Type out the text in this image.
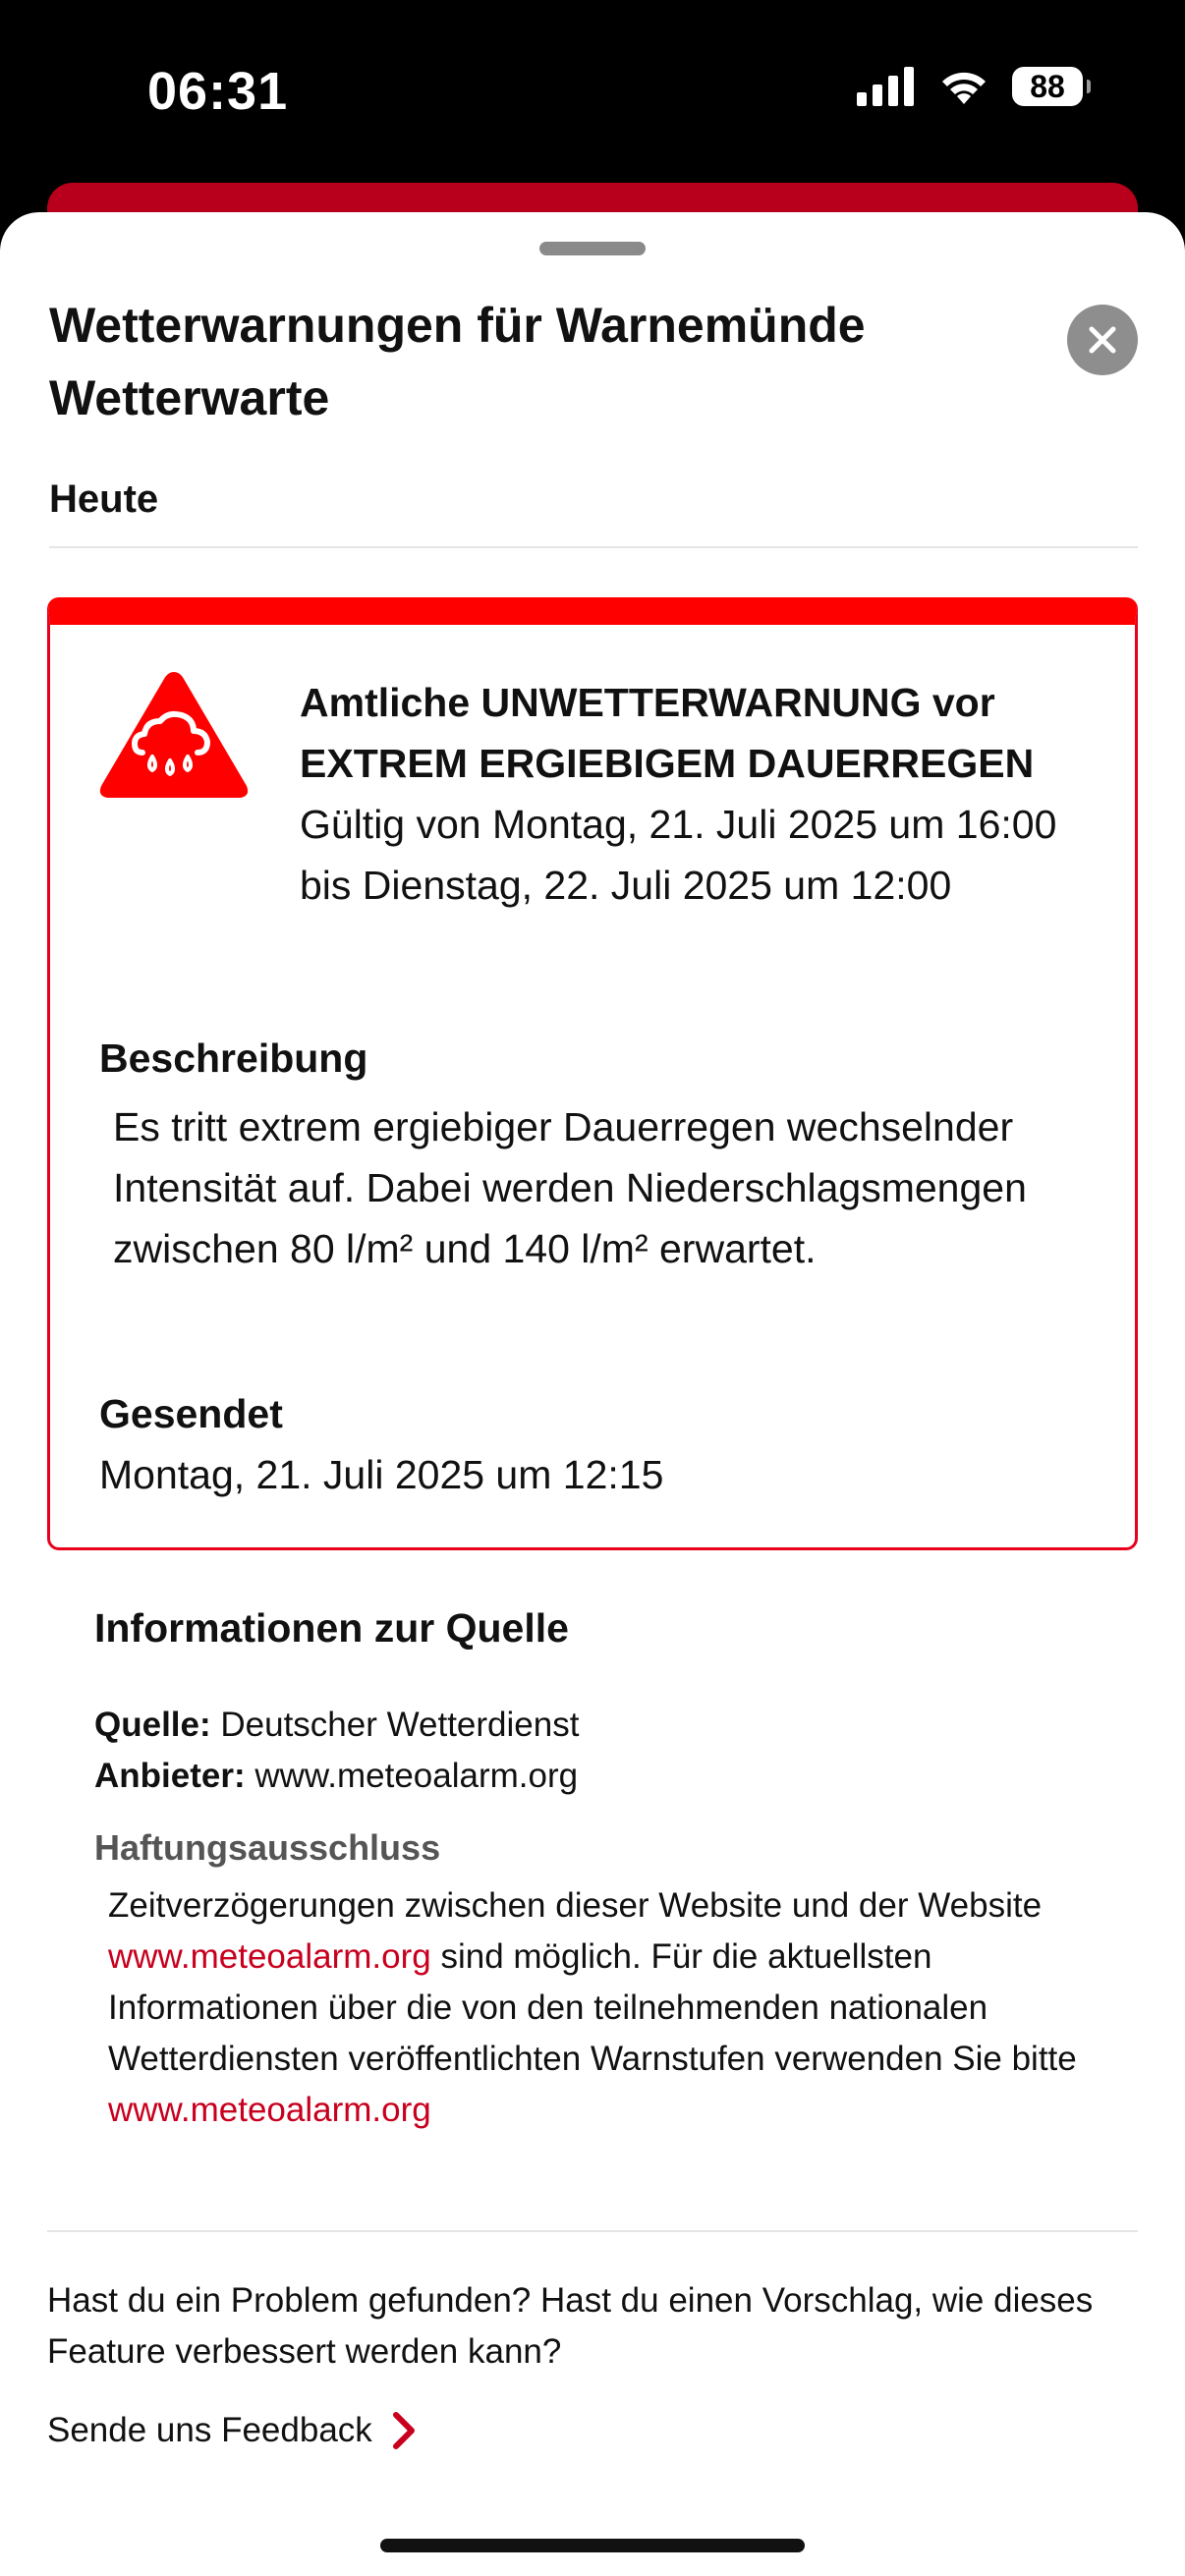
06:31	88
Wetterwarnungen für Warnemünde Wetterwarte
Heute
Amtliche UNWETTERWARNUNG vor EXTREM ERGIEBIGEM DAUERREGEN
Gültig von Montag, 21. Juli 2025 um 16:00 bis Dienstag, 22. Juli 2025 um 12:00
Beschreibung
Es tritt extrem ergiebiger Dauerregen wechselnder Intensität auf. Dabei werden Niederschlagsmengen zwischen 80 l/m² und 140 l/m² erwartet.
Gesendet
Montag, 21. Juli 2025 um 12:15
Informationen zur Quelle
Quelle: Deutscher Wetterdienst
Anbieter: www.meteoalarm.org
Haftungsausschluss
Zeitverzögerungen zwischen dieser Website und der Website www.meteoalarm.org sind möglich. Für die aktuellsten Informationen über die von den teilnehmenden nationalen Wetterdiensten veröffentlichten Warnstufen verwenden Sie bitte www.meteoalarm.org
Hast du ein Problem gefunden? Hast du einen Vorschlag, wie dieses Feature verbessert werden kann?
Sende uns Feedback
